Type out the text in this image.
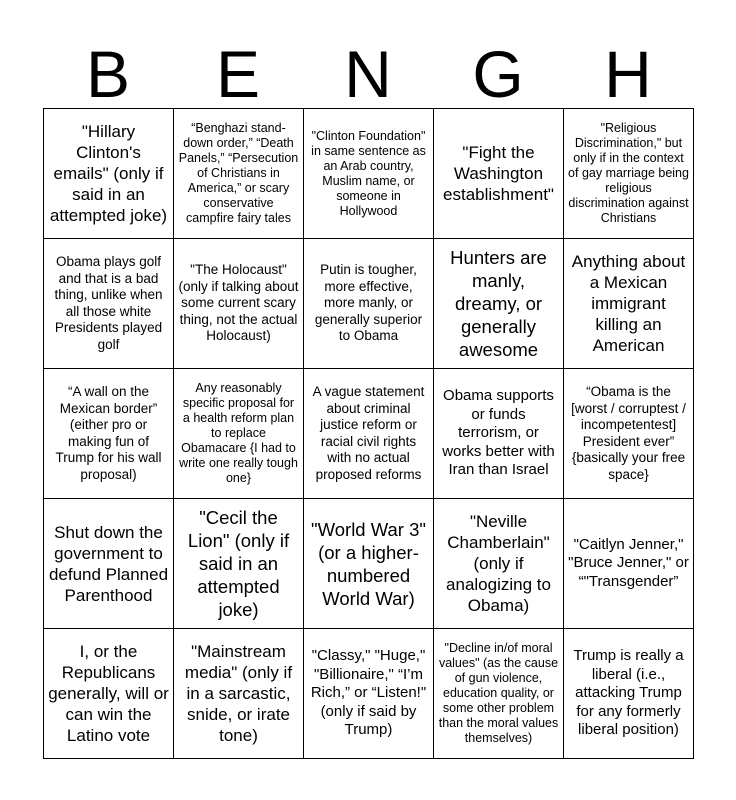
B	E	N	G	H
"Hillary Clinton's emails" (only if said in an attempted joke)	“Benghazi stand-down order,” “Death Panels,” “Persecution of Christians in America,” or scary conservative campfire fairy tales	"Clinton Foundation" in same sentence as an Arab country, Muslim name, or someone in Hollywood	"Fight the Washington establishment"	"Religious Discrimination," but only if in the context of gay marriage being religious discrimination against Christians
Obama plays golf and that is a bad thing, unlike when all those white Presidents played golf	"The Holocaust" (only if talking about some current scary thing, not the actual Holocaust)	Putin is tougher, more effective, more manly, or generally superior to Obama	Hunters are manly, dreamy, or generally awesome	Anything about a Mexican immigrant killing an American
“A wall on the Mexican border” (either pro or making fun of Trump for his wall proposal)	Any reasonably specific proposal for a health reform plan to replace Obamacare {I had to write one really tough one}	A vague statement about criminal justice reform or racial civil rights with no actual proposed reforms	Obama supports or funds terrorism, or works better with Iran than Israel	“Obama is the [worst / corruptest / incompetentest] President ever” {basically your free space}
Shut down the government to defund Planned Parenthood	"Cecil the Lion" (only if said in an attempted joke)	"World War 3" (or a higher-numbered World War)	"Neville Chamberlain" (only if analogizing to Obama)	"Caitlyn Jenner," "Bruce Jenner," or “"Transgender”
I, or the Republicans generally, will or can win the Latino vote	"Mainstream media" (only if in a sarcastic, snide, or irate tone)	"Classy," "Huge," "Billionaire," “I’m Rich,” or “Listen!" (only if said by Trump)	"Decline in/of moral values" (as the cause of gun violence, education quality, or some other problem than the moral values themselves)	Trump is really a liberal (i.e., attacking Trump for any formerly liberal position)
